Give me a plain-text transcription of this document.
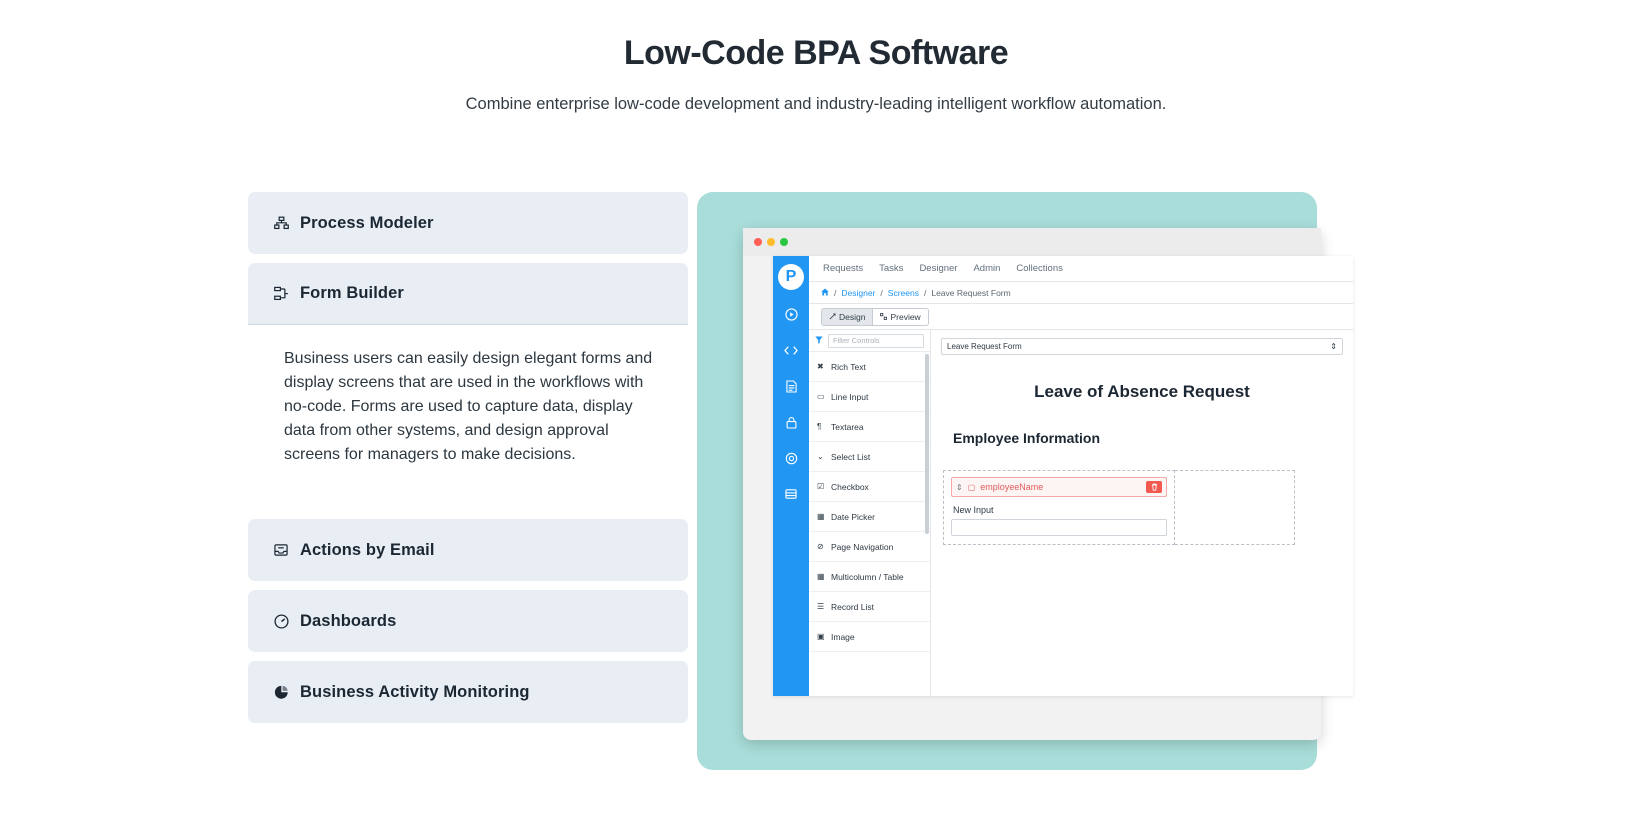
Low-Code BPA Software

Combine enterprise low-code development and industry-leading intelligent workflow automation.

Process Modeler
Form Builder
Business users can easily design elegant forms and display screens that are used in the workflows with no-code. Forms are used to capture data, display data from other systems, and design approval screens for managers to make decisions.
Actions by Email
Dashboards
Business Activity Monitoring
P	Requests Tasks Designer Admin Collections
/ Designer / Screens / Leave Request Form
Design	Preview
Filter Controls
✖ Rich Text
▭ Line Input
¶	Textarea
⌄ Select List
☑ Checkbox
▦ Date Picker
⊘ Page Navigation
▦ Multicolumn / Table
☰ Record List
▣ Image
Leave Request Form	⇕
Leave of Absence Request
Employee Information
⇕ ▢ employeeName
New Input
